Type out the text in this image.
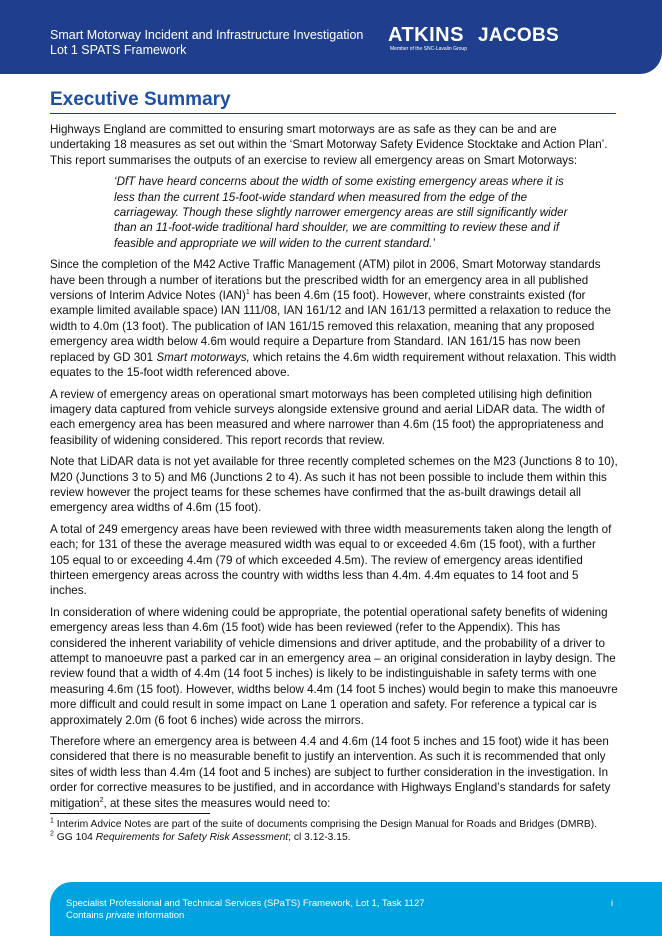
Smart Motorway Incident and Infrastructure Investigation
Lot 1 SPATS Framework
ATKINS
Member of the SNC-Lavalin Group
JACOBS
Executive Summary

Highways England are committed to ensuring smart motorways are as safe as they can be and are undertaking 18 measures as set out within the ‘Smart Motorway Safety Evidence Stocktake and Action Plan’. This report summarises the outputs of an exercise to review all emergency areas on Smart Motorways:

‘DfT have heard concerns about the width of some existing emergency areas where it is less than the current 15-foot-wide standard when measured from the edge of the carriageway. Though these slightly narrower emergency areas are still significantly wider than an 11-foot-wide traditional hard shoulder, we are committing to review these and if feasible and appropriate we will widen to the current standard.’

Since the completion of the M42 Active Traffic Management (ATM) pilot in 2006, Smart Motorway standards have been through a number of iterations but the prescribed width for an emergency area in all published versions of Interim Advice Notes (IAN)$^1$ has been 4.6m (15 foot). However, where constraints existed (for example limited available space) IAN 111/08, IAN 161/12 and IAN 161/13 permitted a relaxation to reduce the width to 4.0m (13 foot). The publication of IAN 161/15 removed this relaxation, meaning that any proposed emergency area width below 4.6m would require a Departure from Standard. IAN 161/15 has now been replaced by GD 301 Smart motorways, which retains the 4.6m width requirement without relaxation. This width equates to the 15-foot width referenced above.

A review of emergency areas on operational smart motorways has been completed utilising high definition imagery data captured from vehicle surveys alongside extensive ground and aerial LiDAR data. The width of each emergency area has been measured and where narrower than 4.6m (15 foot) the appropriateness and feasibility of widening considered. This report records that review.

Note that LiDAR data is not yet available for three recently completed schemes on the M23 (Junctions 8 to 10), M20 (Junctions 3 to 5) and M6 (Junctions 2 to 4). As such it has not been possible to include them within this review however the project teams for these schemes have confirmed that the as-built drawings detail all emergency area widths of 4.6m (15 foot).

A total of 249 emergency areas have been reviewed with three width measurements taken along the length of each; for 131 of these the average measured width was equal to or exceeded 4.6m (15 foot), with a further 105 equal to or exceeding 4.4m (79 of which exceeded 4.5m). The review of emergency areas identified thirteen emergency areas across the country with widths less than 4.4m. 4.4m equates to 14 foot and 5 inches.

In consideration of where widening could be appropriate, the potential operational safety benefits of widening emergency areas less than 4.6m (15 foot) wide has been reviewed (refer to the Appendix). This has considered the inherent variability of vehicle dimensions and driver aptitude, and the probability of a driver to attempt to manoeuvre past a parked car in an emergency area – an original consideration in layby design. The review found that a width of 4.4m (14 foot 5 inches) is likely to be indistinguishable in safety terms with one measuring 4.6m (15 foot). However, widths below 4.4m (14 foot 5 inches) would begin to make this manoeuvre more difficult and could result in some impact on Lane 1 operation and safety. For reference a typical car is approximately 2.0m (6 foot 6 inches) wide across the mirrors.

Therefore where an emergency area is between 4.4 and 4.6m (14 foot 5 inches and 15 foot) wide it has been considered that there is no measurable benefit to justify an intervention. As such it is recommended that only sites of width less than 4.4m (14 foot and 5 inches) are subject to further consideration in the investigation. In order for corrective measures to be justified, and in accordance with Highways England’s standards for safety mitigation$^2$, at these sites the measures would need to:

$^1$ Interim Advice Notes are part of the suite of documents comprising the Design Manual for Roads and Bridges (DMRB).
$^2$ GG 104 Requirements for Safety Risk Assessment; cl 3.12-3.15.
Specialist Professional and Technical Services (SPaTS) Framework, Lot 1, Task 1127
Contains private information
i
